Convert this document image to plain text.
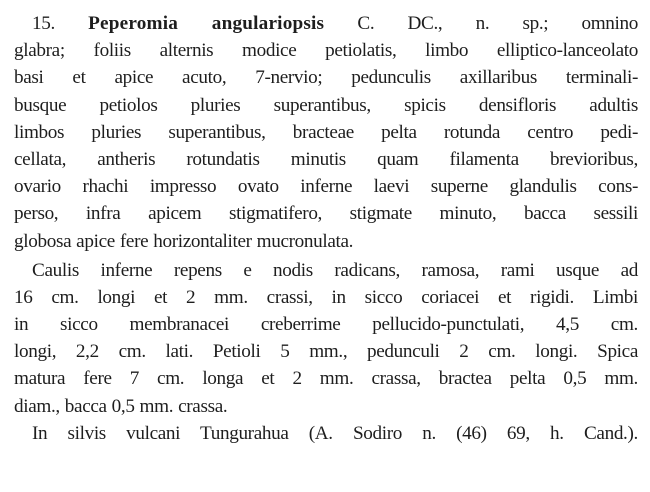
15. Peperomia angulariopsis C. DC., n. sp.; omnino
glabra; foliis alternis modice petiolatis, limbo elliptico-lanceolato
basi et apice acuto, 7-nervio; pedunculis axillaribus terminali-
busque petiolos pluries superantibus, spicis densifloris adultis
limbos pluries superantibus, bracteae pelta rotunda centro pedi-
cellata, antheris rotundatis minutis quam filamenta brevioribus,
ovario rhachi impresso ovato inferne laevi superne glandulis cons-
perso, infra apicem stigmatifero, stigmate minuto, bacca sessili
globosa apice fere horizontaliter mucronulata.
Caulis inferne repens e nodis radicans, ramosa, rami usque ad
16 cm. longi et 2 mm. crassi, in sicco coriacei et rigidi. Limbi
in sicco membranacei creberrime pellucido-punctulati, 4,5 cm.
longi, 2,2 cm. lati. Petioli 5 mm., pedunculi 2 cm. longi. Spica
matura fere 7 cm. longa et 2 mm. crassa, bractea pelta 0,5 mm.
diam., bacca 0,5 mm. crassa.
In silvis vulcani Tungurahua (A. Sodiro n. (46) 69, h. Cand.).
